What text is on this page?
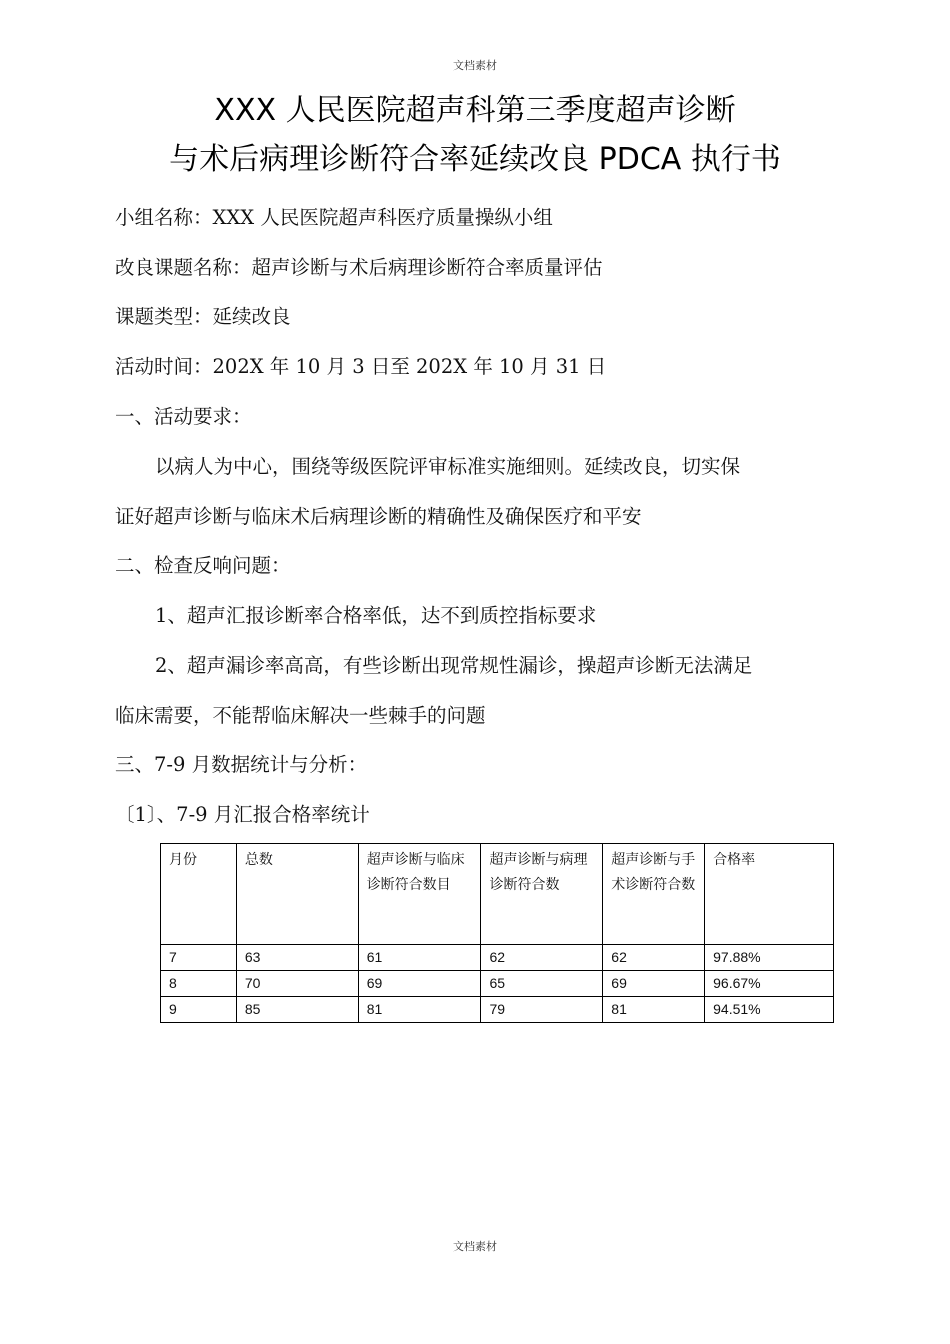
文档素材
XXX 人民医院超声科第三季度超声诊断
与术后病理诊断符合率延续改良 PDCA 执行书
小组名称：XXX 人民医院超声科医疗质量操纵小组
改良课题名称：超声诊断与术后病理诊断符合率质量评估
课题类型：延续改良
活动时间：202X 年 10 月 3 日至 202X 年 10 月 31 日
一、活动要求：
以病人为中心，围绕等级医院评审标准实施细则。延续改良，切实保
证好超声诊断与临床术后病理诊断的精确性及确保医疗和平安
二、检查反响问题：
1、超声汇报诊断率合格率低，达不到质控指标要求
2、超声漏诊率高高，有些诊断出现常规性漏诊，操超声诊断无法满足
临床需要，不能帮临床解决一些棘手的问题
三、7-9 月数据统计与分析：
〔1〕、7-9 月汇报合格率统计
月份	总数	超声诊断与临床诊断符合数目	超声诊断与病理诊断符合数	超声诊断与手术诊断符合数	合格率
7	63	61	62	62	97.88%
8	70	69	65	69	96.67%
9	85	81	79	81	94.51%
文档素材
